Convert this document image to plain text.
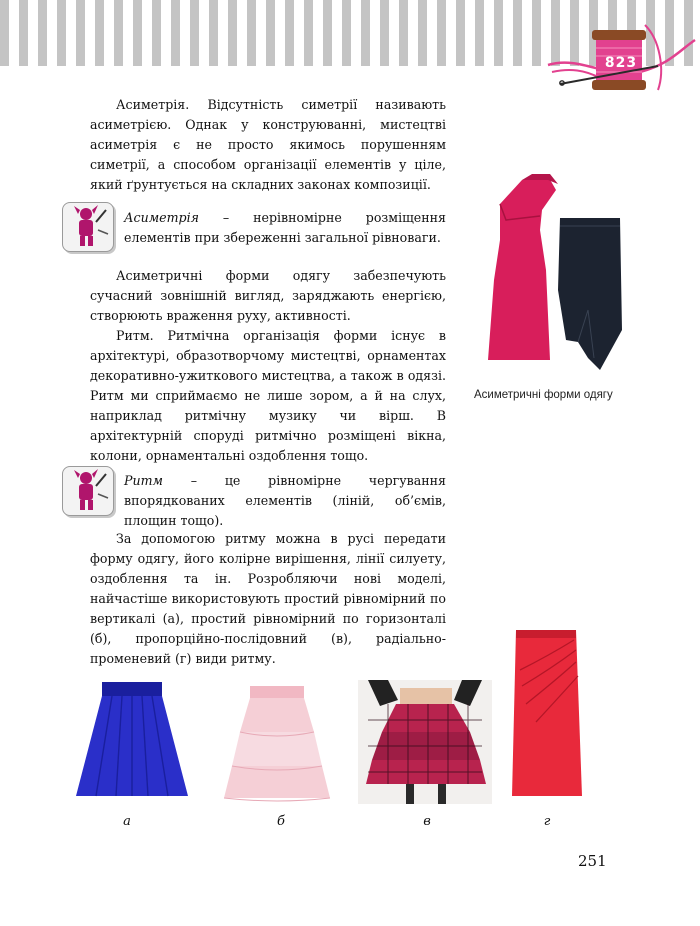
823

Асиметрія. Відсутність симетрії називають асиметрією. Однак у конструюванні, мистецтві асиметрія є не просто якимось порушенням симетрії, а способом організації елементів у ціле, який ґрунтується на складних законах композиції.

Асиметрія – нерівномірне розміщення елементів при збереженні загальної рівноваги.

Асиметричні форми одягу забезпечують сучасний зовнішній вигляд, заряджають енергією, створюють враження руху, активності.

Ритм. Ритмічна організація форми існує в архітектурі, образотворчому мистецтві, орнаментах декоративно-ужиткового мистецтва, а також в одязі. Ритм ми сприймаємо не лише зором, а й на слух, наприклад ритмічну музику чи вірш. В архітектурній споруді ритмічно розміщені вікна, колони, орнаментальні оздоблення тощо.

Ритм – це рівномірне чергування впорядкованих елементів (ліній, об’ємів, площин тощо).

За допомогою ритму можна в русі передати форму одягу, його колірне вирішення, лінії силуету, оздоблення та ін. Розробляючи нові моделі, найчастіше використовують простий рівномірний по вертикалі (а), простий рівномірний по горизонталі (б), пропорційно-послідовний (в), радіально-променевий (г) види ритму.

Асиметричні форми одягу
а	б	в	г
251
